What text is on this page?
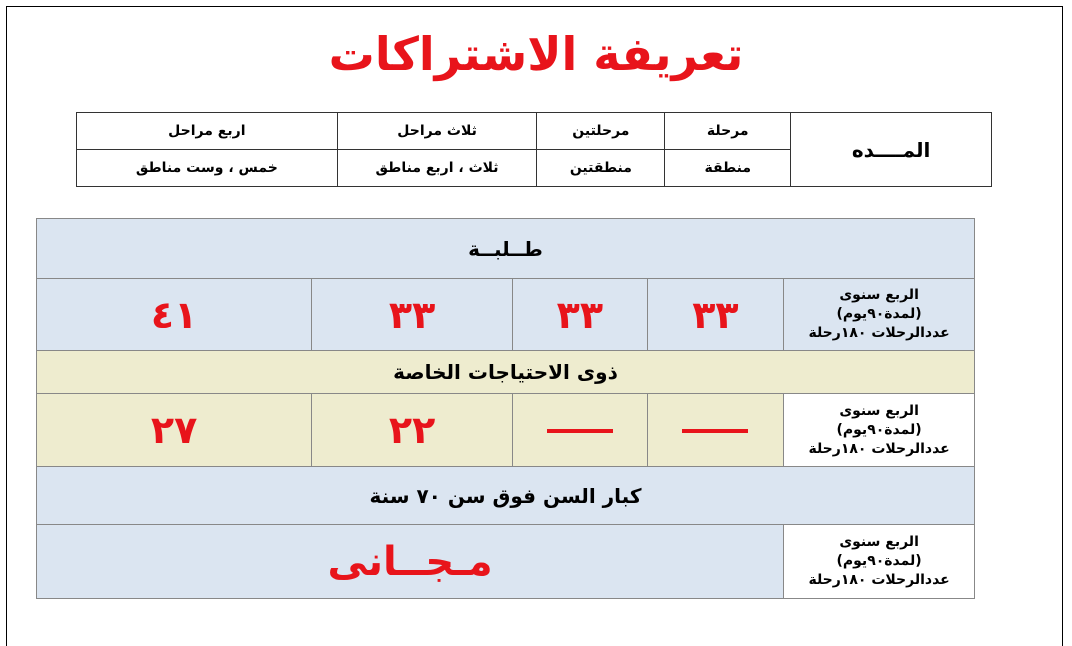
تعريفة الاشتراكات
المــــده	مرحلة	مرحلتين	ثلاث مراحل	اربع مراحل
	منطقة	منطقتين	ثلاث ، اربع مناطق	خمس ، وست مناطق
طــلبــة				

الربع سنوى
(لمدة٩٠يوم)
عددالرحلات ١٨٠رحلة	٣٣	٣٣	٣٣	٤١
ذوى الاحتياجات الخاصة				

الربع سنوى
(لمدة٩٠يوم)
عددالرحلات ١٨٠رحلة			٢٢	٢٧
كبار السن فوق سن ٧٠ سنة				

الربع سنوى
(لمدة٩٠يوم)
عددالرحلات ١٨٠رحلة	مـجــانى			
